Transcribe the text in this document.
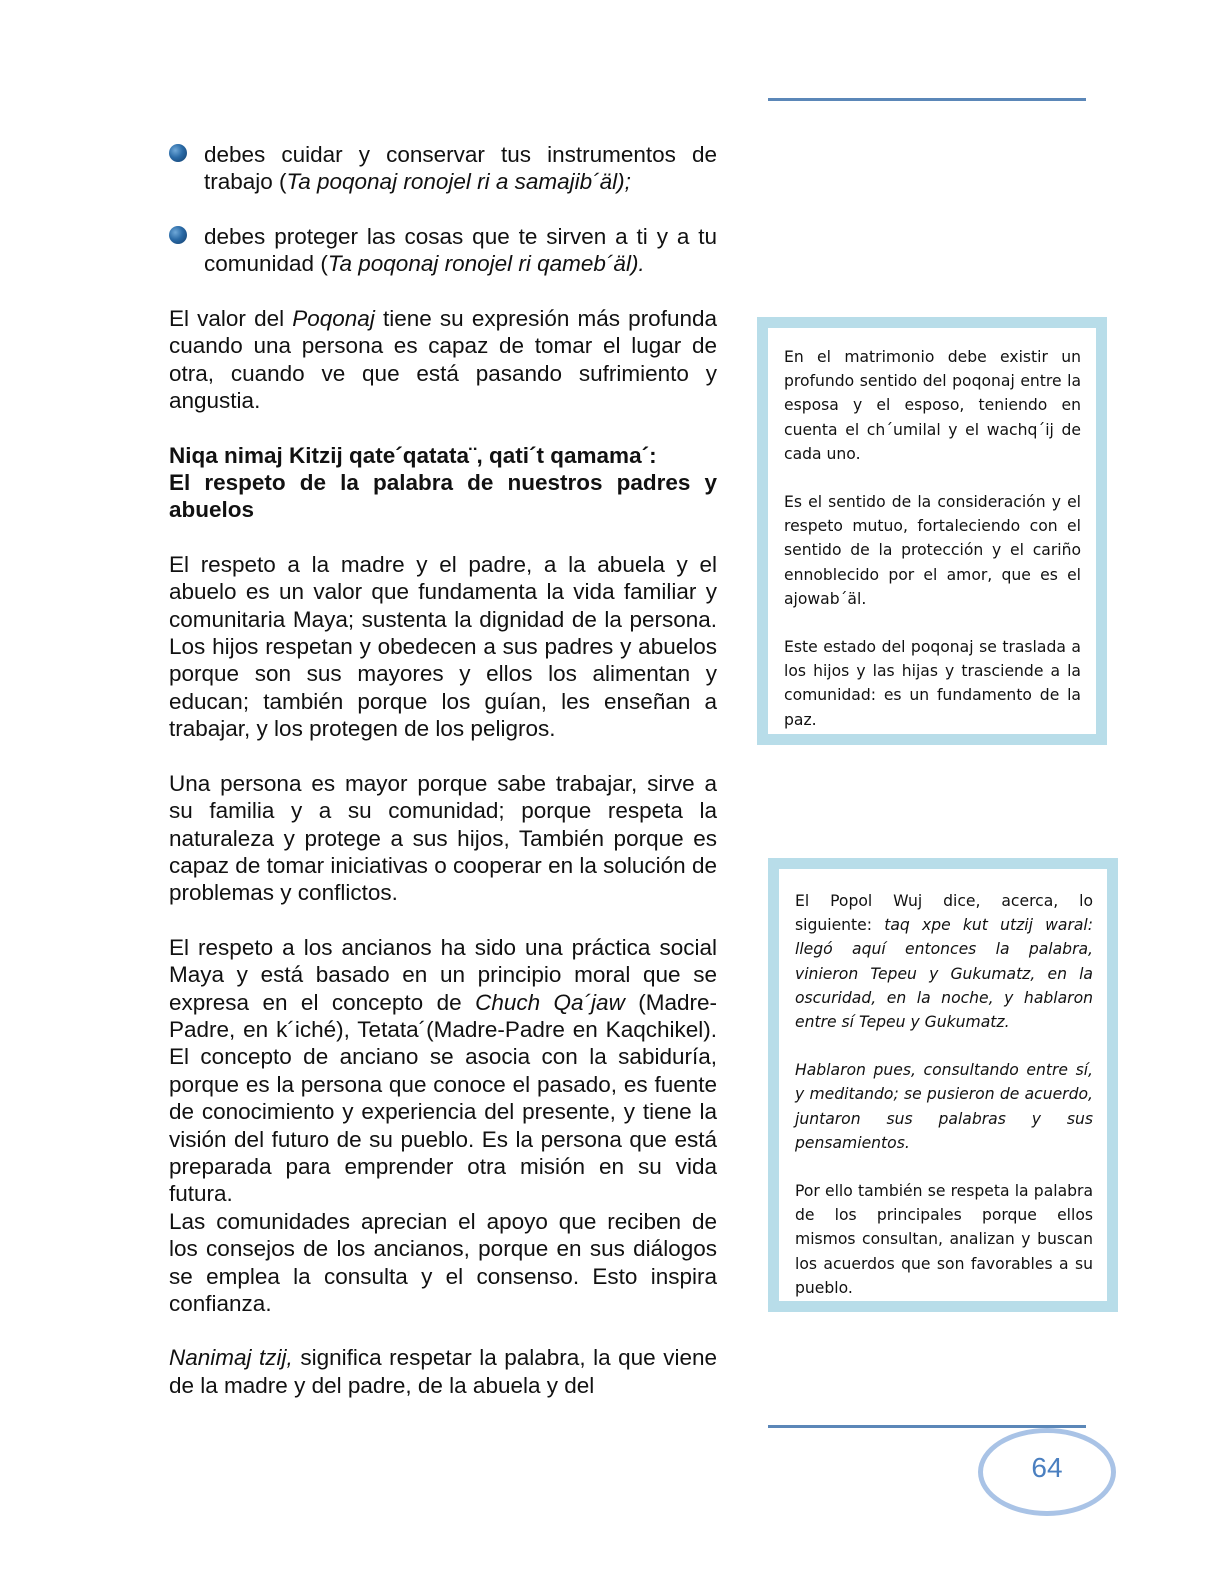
debes cuidar y conservar tus instrumentos de trabajo (Ta poqonaj ronojel ri a samajib´äl);
debes proteger las cosas que te sirven a ti y a tu comunidad (Ta poqonaj ronojel ri qameb´äl).

El valor del Poqonaj tiene su expresión más profunda cuando una persona es capaz de tomar el lugar de otra, cuando ve que está pasando sufrimiento y angustia.

Niqa nimaj Kitzij qate´qatata¨, qati´t qamama´:
El respeto de la palabra de nuestros padres y abuelos

El respeto a la madre y el padre, a la abuela y el abuelo es un valor que fundamenta la vida familiar y comunitaria Maya; sustenta la dignidad de la persona. Los hijos respetan y obedecen a sus padres y abuelos porque son sus mayores y ellos los alimentan y educan; también porque los guían, les enseñan a trabajar, y los protegen de los peligros.

Una persona es mayor porque sabe trabajar, sirve a su familia y a su comunidad; porque respeta la naturaleza y protege a sus hijos, También porque es capaz de tomar iniciativas o cooperar en la solución de problemas y conflictos.

El respeto a los ancianos ha sido una práctica social Maya y está basado en un principio moral que se expresa en el concepto de Chuch Qa´jaw (Madre-Padre, en k´iché), Tetata´(Madre-Padre en Kaqchikel). El concepto de anciano se asocia con la sabiduría, porque es la persona que conoce el pasado, es fuente de conocimiento y experiencia del presente, y tiene la visión del futuro de su pueblo. Es la persona que está preparada para emprender otra misión en su vida futura.

Las comunidades aprecian el apoyo que reciben de los consejos de los ancianos, porque en sus diálogos se emplea la consulta y el consenso. Esto inspira confianza.

Nanimaj tzij, significa respetar la palabra, la que viene de la madre y del padre, de la abuela y del

En el matrimonio debe existir un profundo sentido del poqonaj entre la esposa y el esposo, teniendo en cuenta el ch´umilal y el wachq´ij de cada uno.

Es el sentido de la consideración y el respeto mutuo, fortaleciendo con el sentido de la protección y el cariño ennoblecido por el amor, que es el ajowab´äl.

Este estado del poqonaj se traslada a los hijos y las hijas y trasciende a la comunidad: es un fundamento de la paz.

El Popol Wuj dice, acerca, lo siguiente: taq xpe kut utzij waral: llegó aquí entonces la palabra, vinieron Tepeu y Gukumatz, en la oscuridad, en la noche, y hablaron entre sí Tepeu y Gukumatz.

Hablaron pues, consultando entre sí, y meditando; se pusieron de acuerdo, juntaron sus palabras y sus pensamientos.

Por ello también se respeta la palabra de los principales porque ellos mismos consultan, analizan y buscan los acuerdos que son favorables a su pueblo.

64
